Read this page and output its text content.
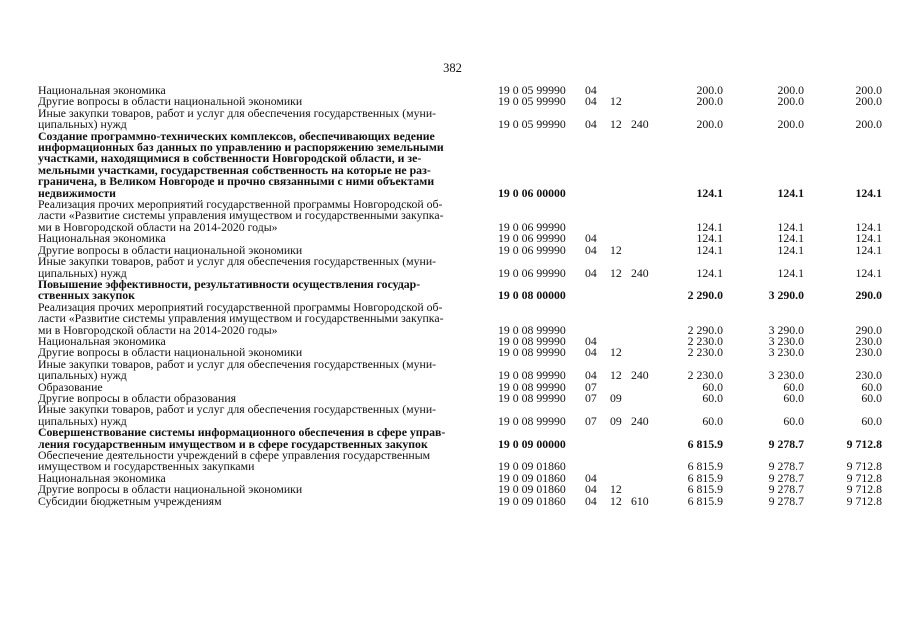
382
Национальная экономика	19 0 05 99990 04	200.0	200.0	200.0
Другие вопросы в области национальной экономики	19 0 05 99990 04 12	200.0	200.0	200.0
Иные закупки товаров, работ и услуг для обеспечения государственных (муни-
ципальных) нужд	19 0 05 99990 04 12 240	200.0	200.0	200.0
Создание программно-технических комплексов, обеспечивающих ведение
информационных баз данных по управлению и распоряжению земельными
участками, находящимися в собственности Новгородской области, и зе-
мельными участками, государственная собственность на которые не раз-
граничена, в Великом Новгороде и прочно связанными с ними объектами
недвижимости	19 0 06 00000	124.1	124.1	124.1
Реализация прочих мероприятий государственной программы Новгородской об-
ласти «Развитие системы управления имуществом и государственными закупка-
ми в Новгородской области на 2014-2020 годы»	19 0 06 99990	124.1	124.1	124.1
Национальная экономика	19 0 06 99990 04	124.1	124.1	124.1
Другие вопросы в области национальной экономики	19 0 06 99990 04 12	124.1	124.1	124.1
Иные закупки товаров, работ и услуг для обеспечения государственных (муни-
ципальных) нужд	19 0 06 99990 04 12 240	124.1	124.1	124.1
Повышение эффективности, результативности осуществления государ-
ственных закупок	19 0 08 00000	2 290.0	3 290.0	290.0
Реализация прочих мероприятий государственной программы Новгородской об-
ласти «Развитие системы управления имуществом и государственными закупка-
ми в Новгородской области на 2014-2020 годы»	19 0 08 99990	2 290.0	3 290.0	290.0
Национальная экономика	19 0 08 99990 04	2 230.0	3 230.0	230.0
Другие вопросы в области национальной экономики	19 0 08 99990 04 12	2 230.0	3 230.0	230.0
Иные закупки товаров, работ и услуг для обеспечения государственных (муни-
ципальных) нужд	19 0 08 99990 04 12 240	2 230.0	3 230.0	230.0
Образование	19 0 08 99990 07	60.0	60.0	60.0
Другие вопросы в области образования	19 0 08 99990 07 09	60.0	60.0	60.0
Иные закупки товаров, работ и услуг для обеспечения государственных (муни-
ципальных) нужд	19 0 08 99990 07 09 240	60.0	60.0	60.0
Совершенствование системы информационного обеспечения в сфере управ-
ления государственным имуществом и в сфере государственных закупок	19 0 09 00000	6 815.9	9 278.7	9 712.8
Обеспечение деятельности учреждений в сфере управления государственным
имуществом и государственных закупками	19 0 09 01860	6 815.9	9 278.7	9 712.8
Национальная экономика	19 0 09 01860 04	6 815.9	9 278.7	9 712.8
Другие вопросы в области национальной экономики	19 0 09 01860 04 12	6 815.9	9 278.7	9 712.8
Субсидии бюджетным учреждениям	19 0 09 01860 04 12 610	6 815.9	9 278.7	9 712.8
